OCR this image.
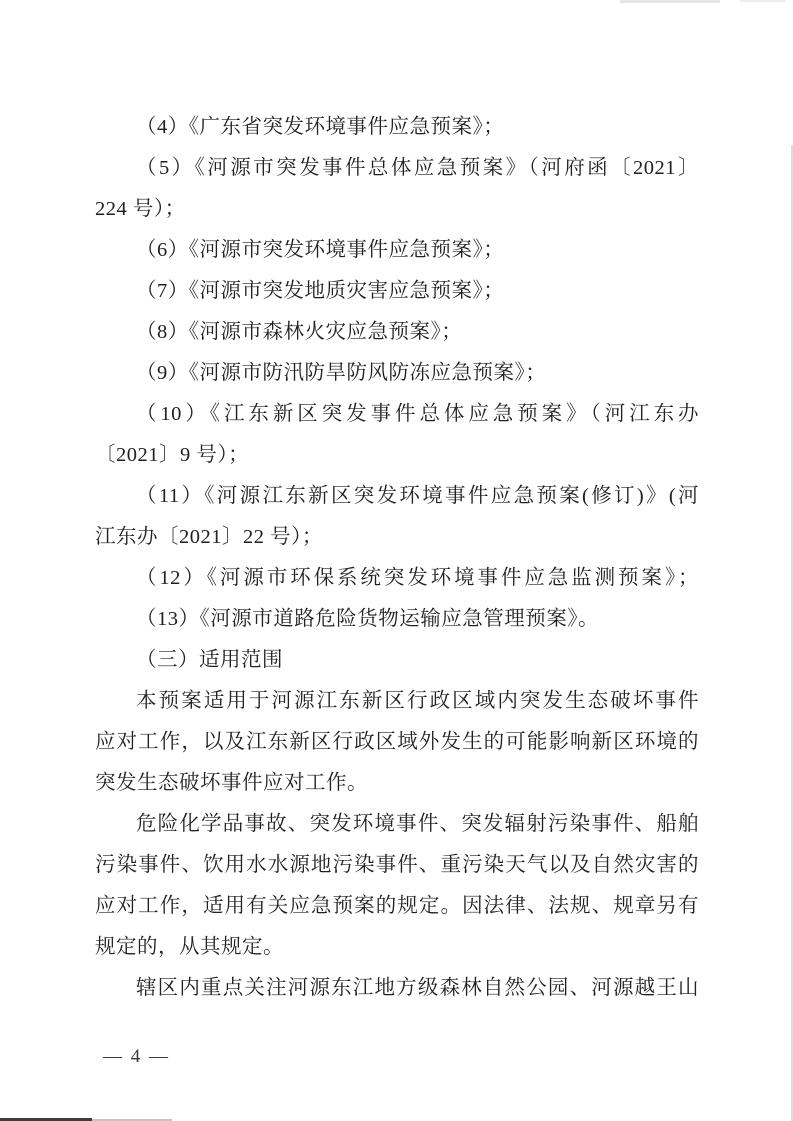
（4）《广东省突发环境事件应急预案》；
（5）《河源市突发事件总体应急预案》（河府函〔2021〕
224 号）；
（6）《河源市突发环境事件应急预案》；
（7）《河源市突发地质灾害应急预案》；
（8）《河源市森林火灾应急预案》；
（9）《河源市防汛防旱防风防冻应急预案》；
（10）《江东新区突发事件总体应急预案》（河江东办
〔2021〕9 号）；
（11）《河源江东新区突发环境事件应急预案(修订)》(河
江东办〔2021〕22 号）；
（12）《河源市环保系统突发环境事件应急监测预案》；
（13）《河源市道路危险货物运输应急管理预案》。
（三）适用范围
本预案适用于河源江东新区行政区域内突发生态破坏事件
应对工作，以及江东新区行政区域外发生的可能影响新区环境的
突发生态破坏事件应对工作。
危险化学品事故、突发环境事件、突发辐射污染事件、船舶
污染事件、饮用水水源地污染事件、重污染天气以及自然灾害的
应对工作，适用有关应急预案的规定。因法律、法规、规章另有
规定的，从其规定。
辖区内重点关注河源东江地方级森林自然公园、河源越王山
— 4 —
